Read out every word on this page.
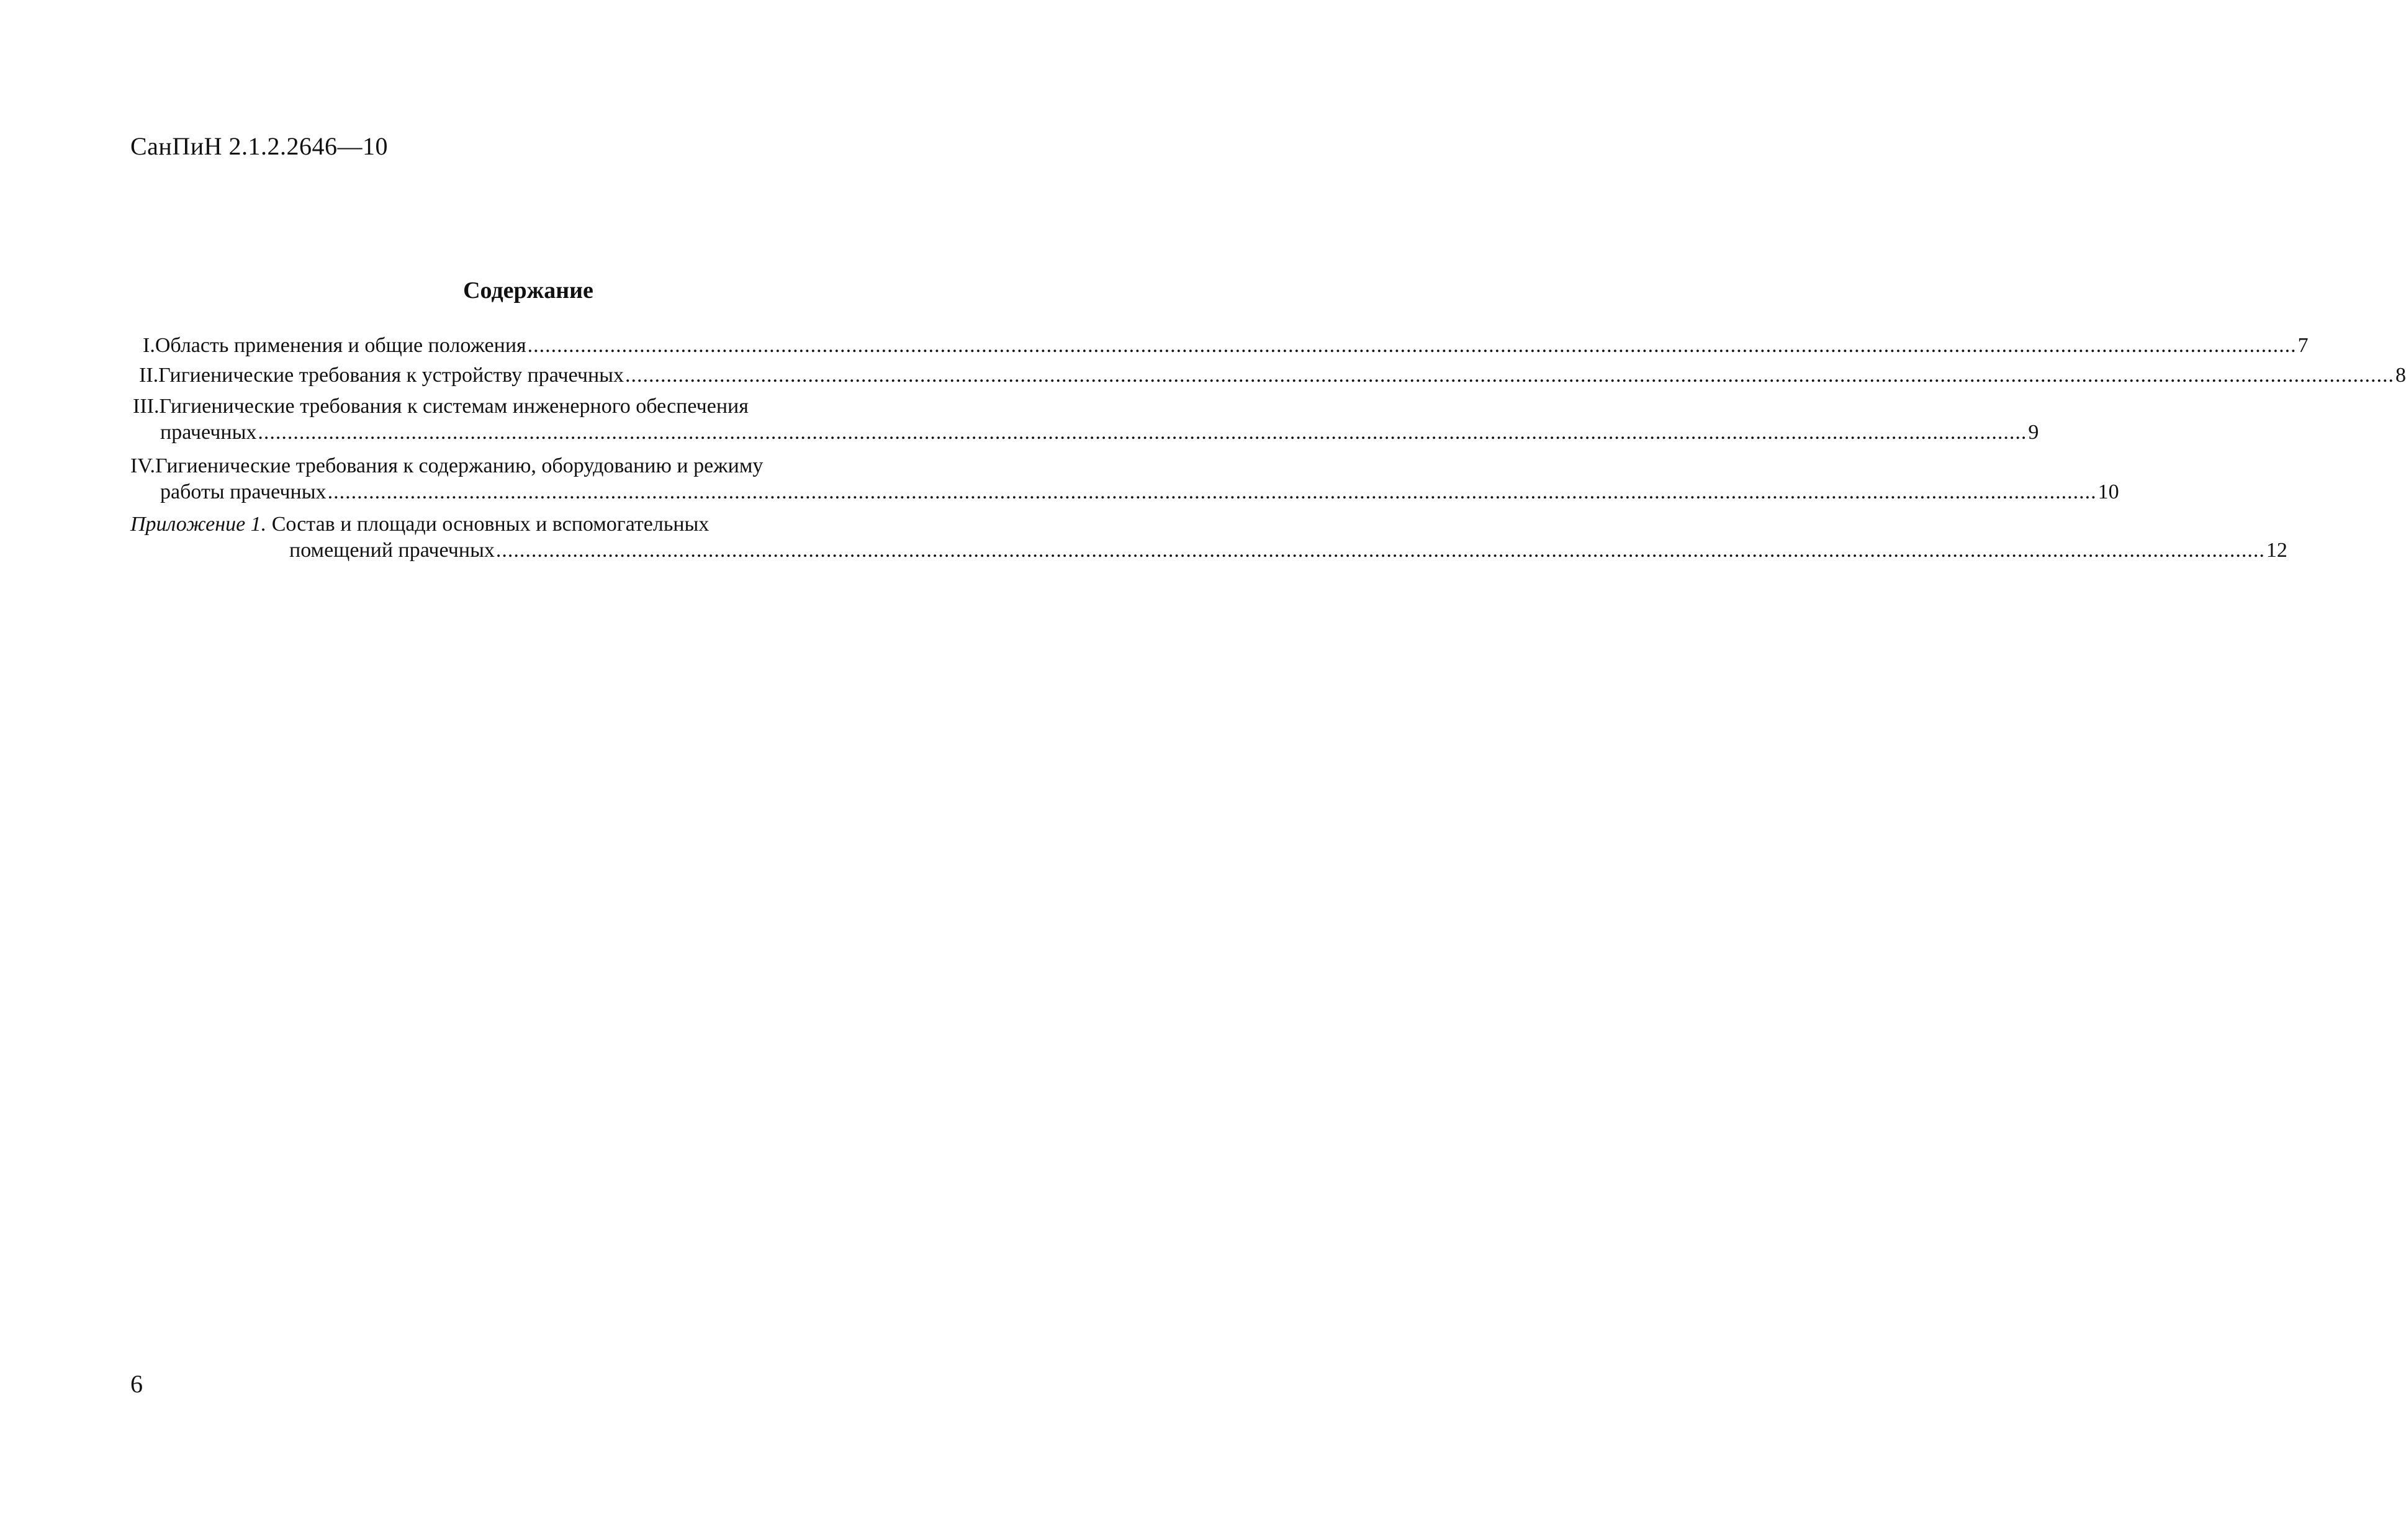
СанПиН 2.1.2.2646—10
Содержание
I. Область применения и общие положения ............................................................................................................................................................................................................................................................................................................ 7
II. Гигиенические требования к устройству прачечных ............................................................................................................................................................................................................................................................................................................ 8
III.Гигиенические требования к системам инженерного обеспечения
прачечных ............................................................................................................................................................................................................................................................................................................ 9
IV.Гигиенические требования к содержанию, оборудованию и режиму
работы прачечных ............................................................................................................................................................................................................................................................................................................ 10
Приложение 1. Состав и площади основных и вспомогательных
помещений прачечных ............................................................................................................................................................................................................................................................................................................ 12
6
